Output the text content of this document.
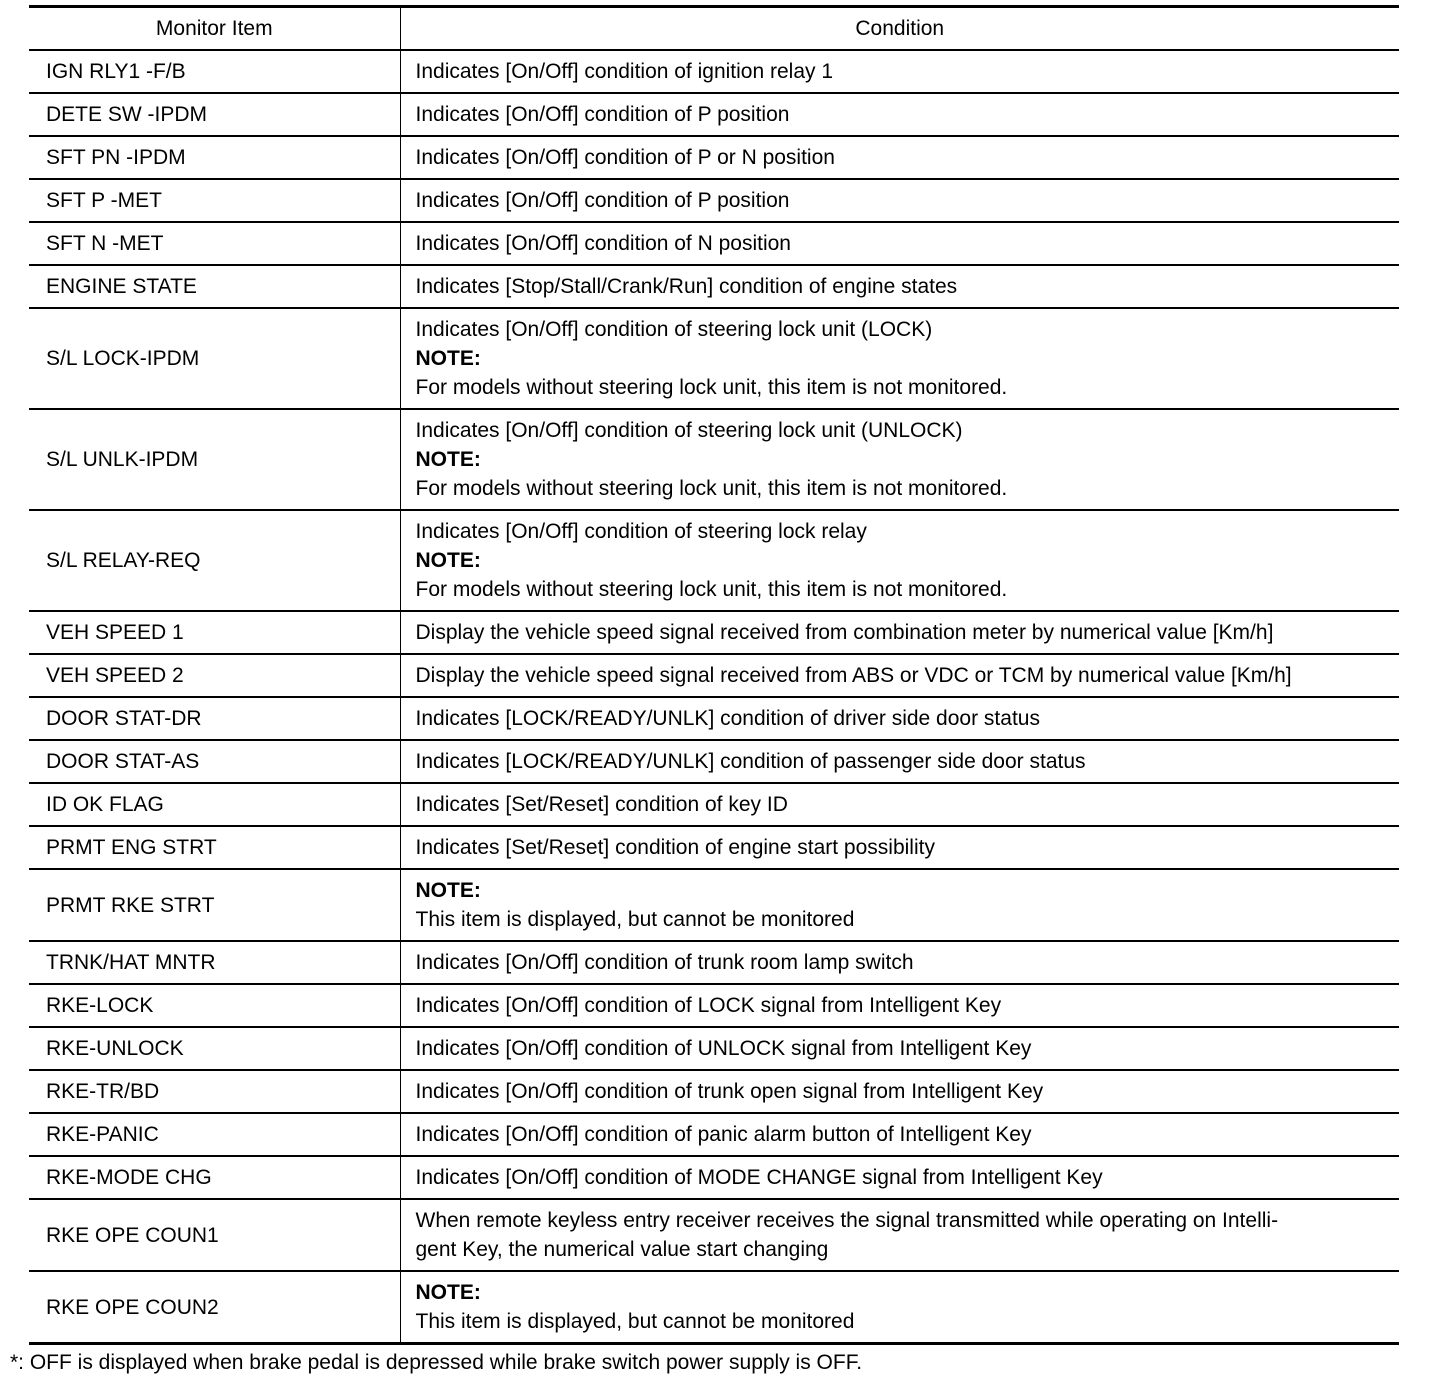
Monitor Item	Condition
IGN RLY1 -F/B	Indicates [On/Off] condition of ignition relay 1

DETE SW -IPDM	Indicates [On/Off] condition of P position

SFT PN -IPDM	Indicates [On/Off] condition of P or N position

SFT P -MET	Indicates [On/Off] condition of P position

SFT N -MET	Indicates [On/Off] condition of N position

ENGINE STATE	Indicates [Stop/Stall/Crank/Run] condition of engine states

S/L LOCK-IPDM	Indicates [On/Off] condition of steering lock unit (LOCK)
NOTE:
For models without steering lock unit, this item is not monitored.

S/L UNLK-IPDM	Indicates [On/Off] condition of steering lock unit (UNLOCK)
NOTE:
For models without steering lock unit, this item is not monitored.

S/L RELAY-REQ	Indicates [On/Off] condition of steering lock relay
NOTE:
For models without steering lock unit, this item is not monitored.

VEH SPEED 1	Display the vehicle speed signal received from combination meter by numerical value [Km/h]

VEH SPEED 2	Display the vehicle speed signal received from ABS or VDC or TCM by numerical value [Km/h]

DOOR STAT-DR	Indicates [LOCK/READY/UNLK] condition of driver side door status

DOOR STAT-AS	Indicates [LOCK/READY/UNLK] condition of passenger side door status

ID OK FLAG	Indicates [Set/Reset] condition of key ID

PRMT ENG STRT	Indicates [Set/Reset] condition of engine start possibility

PRMT RKE STRT	NOTE:
This item is displayed, but cannot be monitored

TRNK/HAT MNTR	Indicates [On/Off] condition of trunk room lamp switch

RKE-LOCK	Indicates [On/Off] condition of LOCK signal from Intelligent Key

RKE-UNLOCK	Indicates [On/Off] condition of UNLOCK signal from Intelligent Key

RKE-TR/BD	Indicates [On/Off] condition of trunk open signal from Intelligent Key

RKE-PANIC	Indicates [On/Off] condition of panic alarm button of Intelligent Key

RKE-MODE CHG	Indicates [On/Off] condition of MODE CHANGE signal from Intelligent Key

RKE OPE COUN1	When remote keyless entry receiver receives the signal transmitted while operating on Intelli-
gent Key, the numerical value start changing

RKE OPE COUN2	NOTE:
This item is displayed, but cannot be monitored
*: OFF is displayed when brake pedal is depressed while brake switch power supply is OFF.
